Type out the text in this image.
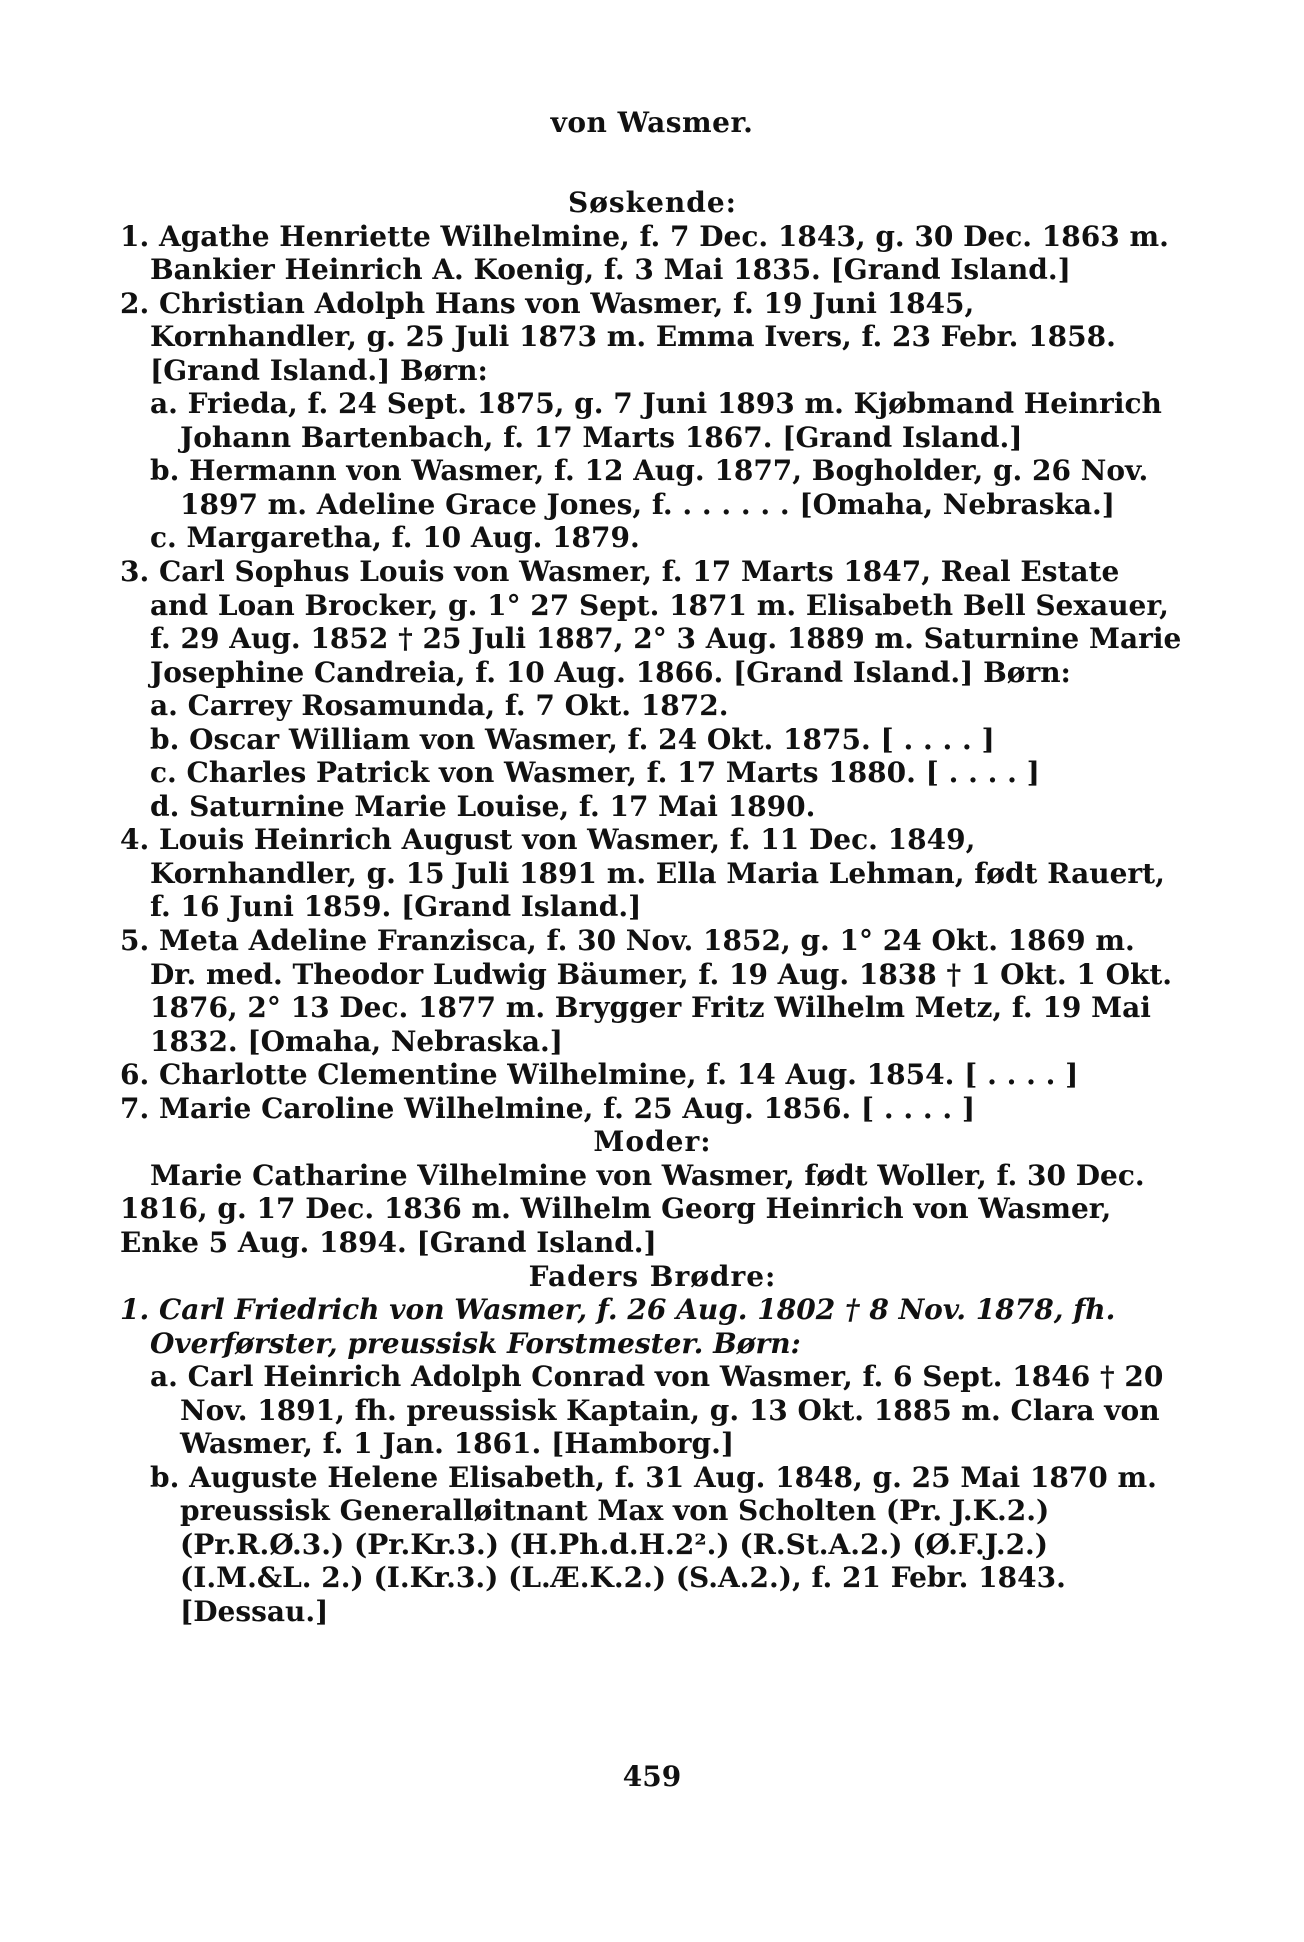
von Wasmer.

Søskende:

1. Agathe Henriette Wilhelmine, f. 7 Dec. 1843, g. 30 Dec. 1863 m. Bankier Heinrich A. Koenig, f. 3 Mai 1835. [Grand Island.]

2. Christian Adolph Hans von Wasmer, f. 19 Juni 1845, Kornhandler, g. 25 Juli 1873 m. Emma Ivers, f. 23 Febr. 1858. [Grand Island.] Børn:

a. Frieda, f. 24 Sept. 1875, g. 7 Juni 1893 m. Kjøbmand Heinrich Johann Bartenbach, f. 17 Marts 1867. [Grand Island.]

b. Hermann von Wasmer, f. 12 Aug. 1877, Bogholder, g. 26 Nov. 1897 m. Adeline Grace Jones, f. . . . . . . [Omaha, Nebraska.]

c. Margaretha, f. 10 Aug. 1879.

3. Carl Sophus Louis von Wasmer, f. 17 Marts 1847, Real Estate and Loan Brocker, g. 1° 27 Sept. 1871 m. Elisabeth Bell Sexauer, f. 29 Aug. 1852 † 25 Juli 1887, 2° 3 Aug. 1889 m. Saturnine Marie Josephine Candreia, f. 10 Aug. 1866. [Grand Island.] Børn:

a. Carrey Rosamunda, f. 7 Okt. 1872.

b. Oscar William von Wasmer, f. 24 Okt. 1875. [ . . . . ]

c. Charles Patrick von Wasmer, f. 17 Marts 1880. [ . . . . ]

d. Saturnine Marie Louise, f. 17 Mai 1890.

4. Louis Heinrich August von Wasmer, f. 11 Dec. 1849, Kornhandler, g. 15 Juli 1891 m. Ella Maria Lehman, født Rauert, f. 16 Juni 1859. [Grand Island.]

5. Meta Adeline Franzisca, f. 30 Nov. 1852, g. 1° 24 Okt. 1869 m. Dr. med. Theodor Ludwig Bäumer, f. 19 Aug. 1838 † 1 Okt. 1 Okt. 1876, 2° 13 Dec. 1877 m. Brygger Fritz Wilhelm Metz, f. 19 Mai 1832. [Omaha, Nebraska.]

6. Charlotte Clementine Wilhelmine, f. 14 Aug. 1854. [ . . . . ]

7. Marie Caroline Wilhelmine, f. 25 Aug. 1856. [ . . . . ]

Moder:

Marie Catharine Vilhelmine von Wasmer, født Woller, f. 30 Dec. 1816, g. 17 Dec. 1836 m. Wilhelm Georg Heinrich von Wasmer, Enke 5 Aug. 1894. [Grand Island.]

Faders Brødre:

1. Carl Friedrich von Wasmer, f. 26 Aug. 1802 † 8 Nov. 1878, fh. Overførster, preussisk Forstmester. Børn:

a. Carl Heinrich Adolph Conrad von Wasmer, f. 6 Sept. 1846 † 20 Nov. 1891, fh. preussisk Kaptain, g. 13 Okt. 1885 m. Clara von Wasmer, f. 1 Jan. 1861. [Hamborg.]

b. Auguste Helene Elisabeth, f. 31 Aug. 1848, g. 25 Mai 1870 m. preussisk Generalløitnant Max von Scholten (Pr. J.K.2.) (Pr.R.Ø.3.) (Pr.Kr.3.) (H.Ph.d.H.2².) (R.St.A.2.) (Ø.F.J.2.) (I.M.&L. 2.) (I.Kr.3.) (L.Æ.K.2.) (S.A.2.), f. 21 Febr. 1843. [Dessau.]

459
